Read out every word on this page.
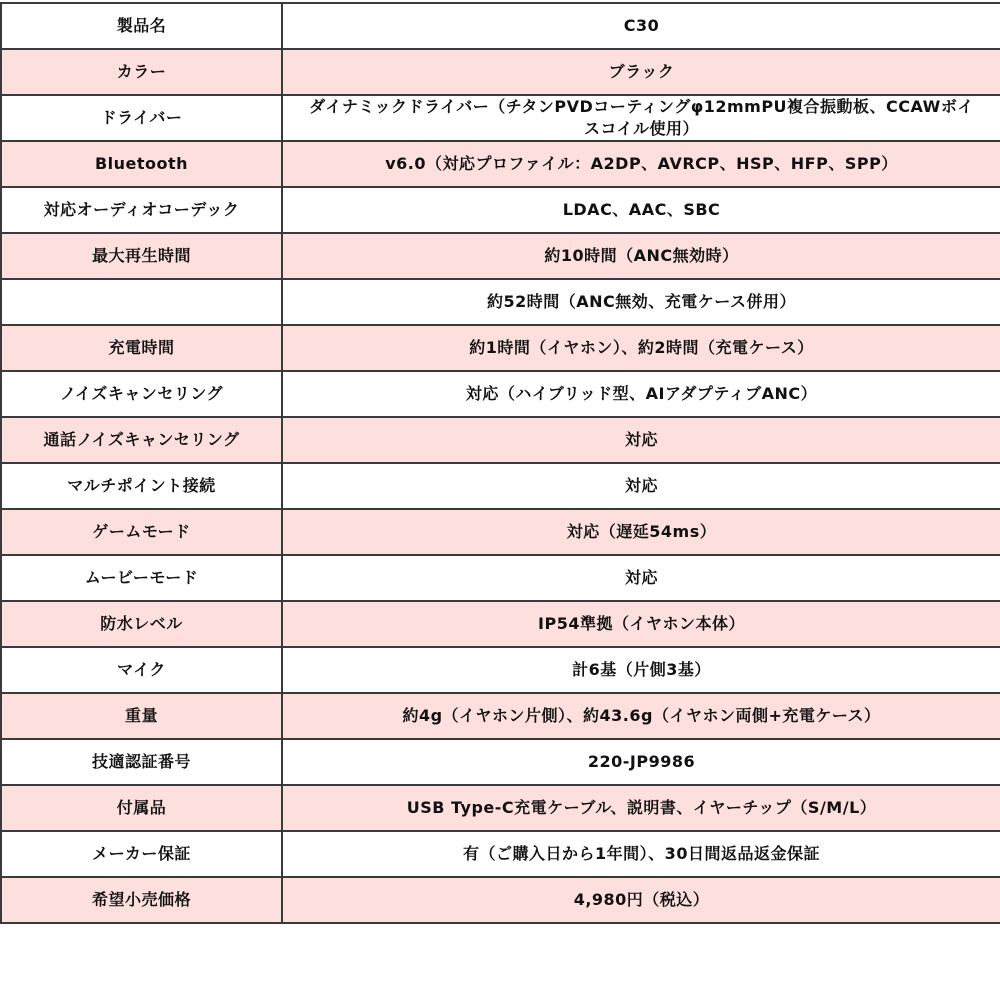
製品名	C30
カラー	ブラック
ドライバー	ダイナミックドライバー（チタンPVDコーティングφ12mmPU複合振動板、CCAWボイスコイル使用）
Bluetooth	v6.0（対応プロファイル：A2DP、AVRCP、HSP、HFP、SPP）
対応オーディオコーデック	LDAC、AAC、SBC
最大再生時間	約10時間（ANC無効時）
	約52時間（ANC無効、充電ケース併用）
充電時間	約1時間（イヤホン）、約2時間（充電ケース）
ノイズキャンセリング	対応（ハイブリッド型、AIアダプティブANC）
通話ノイズキャンセリング	対応
マルチポイント接続	対応
ゲームモード	対応（遅延54ms）
ムービーモード	対応
防水レベル	IP54準拠（イヤホン本体）
マイク	計6基（片側3基）
重量	約4g（イヤホン片側）、約43.6g（イヤホン両側+充電ケース）
技適認証番号	220-JP9986
付属品	USB Type-C充電ケーブル、説明書、イヤーチップ（S/M/L）
メーカー保証	有（ご購入日から1年間）、30日間返品返金保証
希望小売価格	4,980円（税込）
